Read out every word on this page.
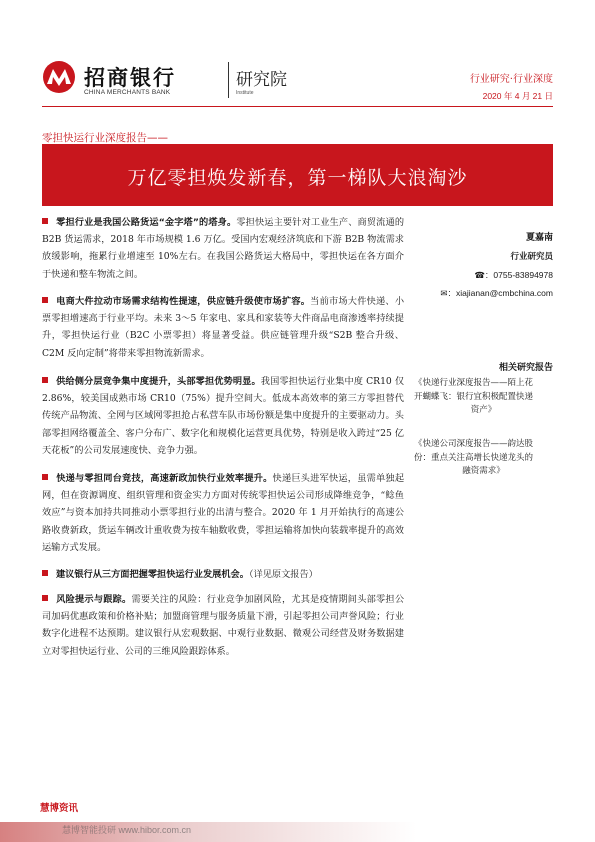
招商银行
CHINA MERCHANTS BANK
研究院
Institute
行业研究·行业深度
2020 年 4 月 21 日
零担快运行业深度报告——
万亿零担焕发新春，第一梯队大浪淘沙
零担行业是我国公路货运“金字塔”的塔身。零担快运主要针对工业生产、商贸流通的 B2B 货运需求，2018 年市场规模 1.6 万亿。受国内宏观经济筑底和下游 B2B 物流需求放缓影响，拖累行业增速至 10%左右。在我国公路货运大格局中，零担快运在各方面介于快递和整车物流之间。
电商大件拉动市场需求结构性提速，供应链升级使市场扩容。当前市场大件快递、小票零担增速高于行业平均。未来 3～5 年家电、家具和家装等大件商品电商渗透率持续提升，零担快运行业（B2C 小票零担）将显著受益。供应链管理升级“S2B 整合升级、C2M 反向定制”将带来零担物流新需求。
供给侧分层竞争集中度提升，头部零担优势明显。我国零担快运行业集中度 CR10 仅 2.86%，较美国成熟市场 CR10（75%）提升空间大。低成本高效率的第三方零担替代传统产品物流、全网与区域网零担抢占私营车队市场份额是集中度提升的主要驱动力。头部零担网络覆盖全、客户分布广、数字化和规模化运营更具优势，特别是收入跨过“25 亿天花板”的公司发展速度快、竞争力强。
快递与零担同台竞技，高速新政加快行业效率提升。快递巨头进军快运，虽需单独起网，但在资源调度、组织管理和资金实力方面对传统零担快运公司形成降维竞争，“鲶鱼效应”与资本加持共同推动小票零担行业的出清与整合。2020 年 1 月开始执行的高速公路收费新政，货运车辆改计重收费为按车轴数收费，零担运输将加快向装载率提升的高效运输方式发展。
建议银行从三方面把握零担快运行业发展机会。（详见原文报告）
风险提示与跟踪。需要关注的风险：行业竞争加剧风险，尤其是疫情期间头部零担公司加码优惠政策和价格补贴；加盟商管理与服务质量下滑，引起零担公司声誉风险；行业数字化进程不达预期。建议银行从宏观数据、中观行业数据、微观公司经营及财务数据建立对零担快运行业、公司的三维风险跟踪体系。
夏嘉南
行业研究员
☎：0755-83894978
✉：xiajianan@cmbchina.com
相关研究报告
《快递行业深度报告——陌上花
开蝴蝶飞：银行宜积极配置快递
资产》
《快递公司深度报告——韵达股
份：重点关注高增长快递龙头的
融资需求》
慧博资讯
慧博智能投研 www.hibor.com.cn
